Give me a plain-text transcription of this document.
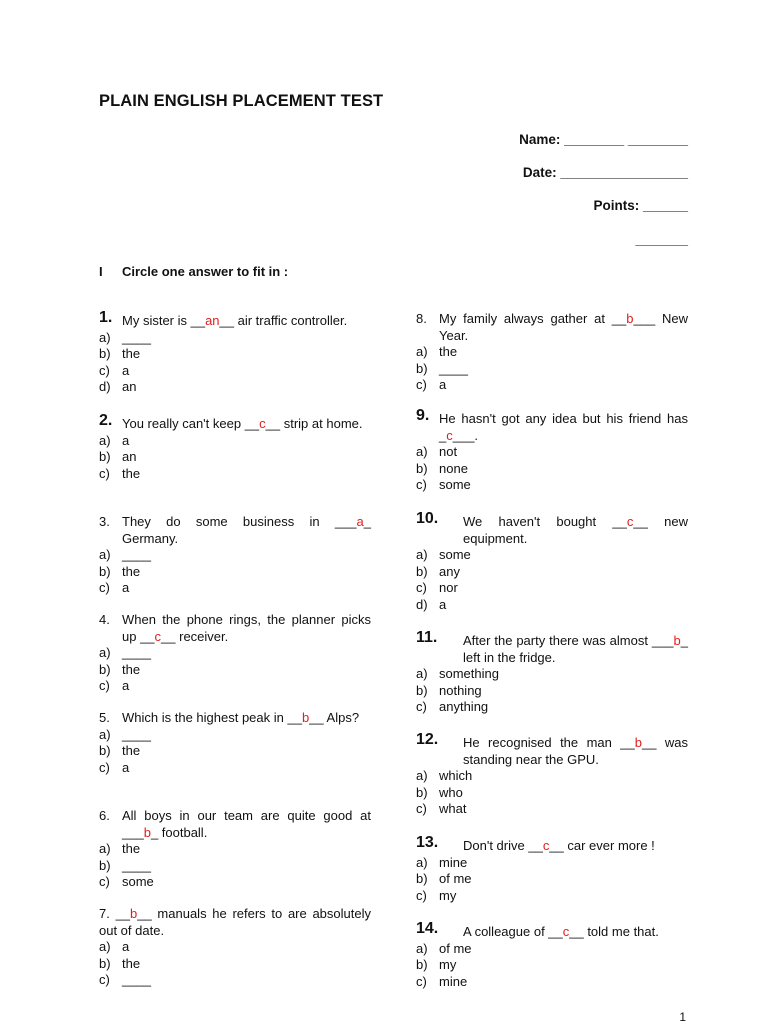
PLAIN ENGLISH PLACEMENT TEST
Name: ________ ________
Date: _________________
Points: ______
_______
I Circle one answer to fit in :
1. My sister is __an__ air traffic controller.
a) ____
b) the
c) a
d) an
2. You really can't keep __c__ strip at home.
a) a
b) an
c) the
3. They do some business in ___a_ Germany.
a) ____
b) the
c) a
4. When the phone rings, the planner picks up __c__ receiver.
a) ____
b) the
c) a
5. Which is the highest peak in __b__ Alps?
a) ____
b) the
c) a
6. All boys in our team are quite good at ___b_ football.
a) the
b) ____
c) some
7. __b__ manuals he refers to are absolutely out of date.
a) a
b) the
c) ____
8. My family always gather at __b___ New Year.
a) the
b) ____
c) a
9. He hasn't got any idea but his friend has _c___.
a) not
b) none
c) some
10. We haven't bought __c__ new equipment.
a) some
b) any
c) nor
d) a
11. After the party there was almost ___b_ left in the fridge.
a) something
b) nothing
c) anything
12. He recognised the man __b__ was standing near the GPU.
a) which
b) who
c) what
13. Don't drive __c__ car ever more !
a) mine
b) of me
c) my
14. A colleague of __c__ told me that.
a) of me
b) my
c) mine
1
